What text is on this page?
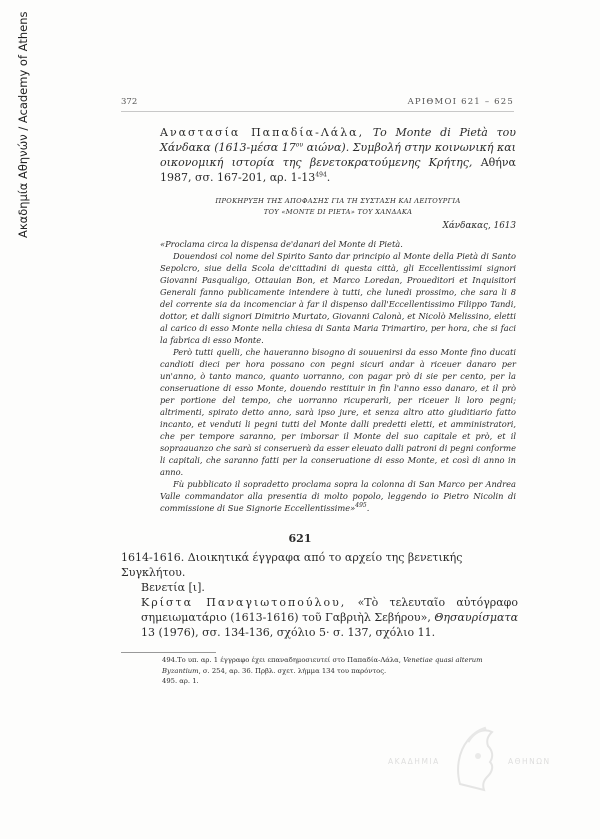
Ακαδημία Αθηνών / Academy of Athens	372	ΑΡΙΘΜΟΙ 621 – 625
Αναστασία Παπαδία-Λάλα, Το Monte di Pietà του Χάνδακα (1613-μέσα $17^{o\upsilon}$ αιώνα). Συμβολή στην κοινωνική και οικονομική ιστορία της βενετοκρατούμενης Κρήτης, Αθήνα 1987, σσ. 167-201, αρ. $1-13^{494}$.
ΠΡΟΚΗΡΥΞΗ ΤΗΣ ΑΠΟΦΑΣΗΣ ΓΙΑ ΤΗ ΣΥΣΤΑΣΗ ΚΑΙ ΛΕΙΤΟΥΡΓΙΑ
ΤΟΥ «MONTE DI PIETA» ΤΟΥ ΧΑΝΔΑΚΑ
Χάνδακας, 1613

«Proclama circa la dispensa de'danari del Monte di Pietà.

Douendosi col nome del Spirito Santo dar principio al Monte della Pietà di Santo Sepolcro, siue della Scola de'cittadini di questa città, gli Eccellentissimi signori Giovanni Pasqualigo, Ottauian Bon, et Marco Loredan, Proueditori et Inquisitori Generali fanno publicamente intendere à tutti, che lunedi prossimo, che sara li 8 del corrente sia da incomenciar à far il dispenso dall'Eccellentissimo Filippo Tandi, dottor, et dalli signori Dimitrio Murtato, Giovanni Calonà, et Nicolò Melissino, eletti al carico di esso Monte nella chiesa di Santa Maria Trimartiro, per hora, che si faci la fabrica di esso Monte.

Però tutti quelli, che haueranno bisogno di souuenirsi da esso Monte fino ducati candioti dieci per hora possano con pegni sicuri andar à riceuer danaro per un'anno, ò tanto manco, quanto uorranno, con pagar prò di sie per cento, per la conseruatione di esso Monte, douendo restituir in fin l'anno esso danaro, et il prò per portione del tempo, che uorranno ricuperarli, per riceuer li loro pegni; altrimenti, spirato detto anno, sarà ipso jure, et senza altro atto giuditiario fatto incanto, et venduti li pegni tutti del Monte dalli predetti eletti, et amministratori, che per tempore saranno, per imborsar il Monte del suo capitale et prò, et il sopraauanzo che sarà si conseruerà da esser eleuato dalli patroni di pegni conforme li capitali, che saranno fatti per la conseruatione di esso Monte, et così di anno in anno.

Fù pubblicato il sopradetto proclama sopra la colonna di San Marco per Andrea Valle commandator alla presentia di molto popolo, leggendo io Pietro Nicolin di commissione di Sue Signorie Eccellentissime»$^{495}$.

621

1614-1616. Διοικητικά έγγραφα από το αρχείο της βενετικής Συγκλήτου.

Βενετία [ι].

Κρίστα Παναγιωτοπούλου, «Τὸ τελευταῖο αὐτόγραφο σημειωματάριο (1613-1616) τοῦ Γαβριὴλ Σεβήρου», Θησαυρίσματα 13 (1976), σσ. 134-136, σχόλιο 5· σ. 137, σχόλιο 11.

494.Το υπ. αρ. 1 έγγραφο έχει επαναδημοσιευτεί στο Παπαδία-Λάλα, Venetiae quasi alterum Byzantium, σ. 254, αρ. 36. Πρβλ. σχετ. λήμμα 134 του παρόντος.

495. αρ. 1.

ΑΚΑΔΗΜΙΑ	ΑΘΗΝΩΝ
